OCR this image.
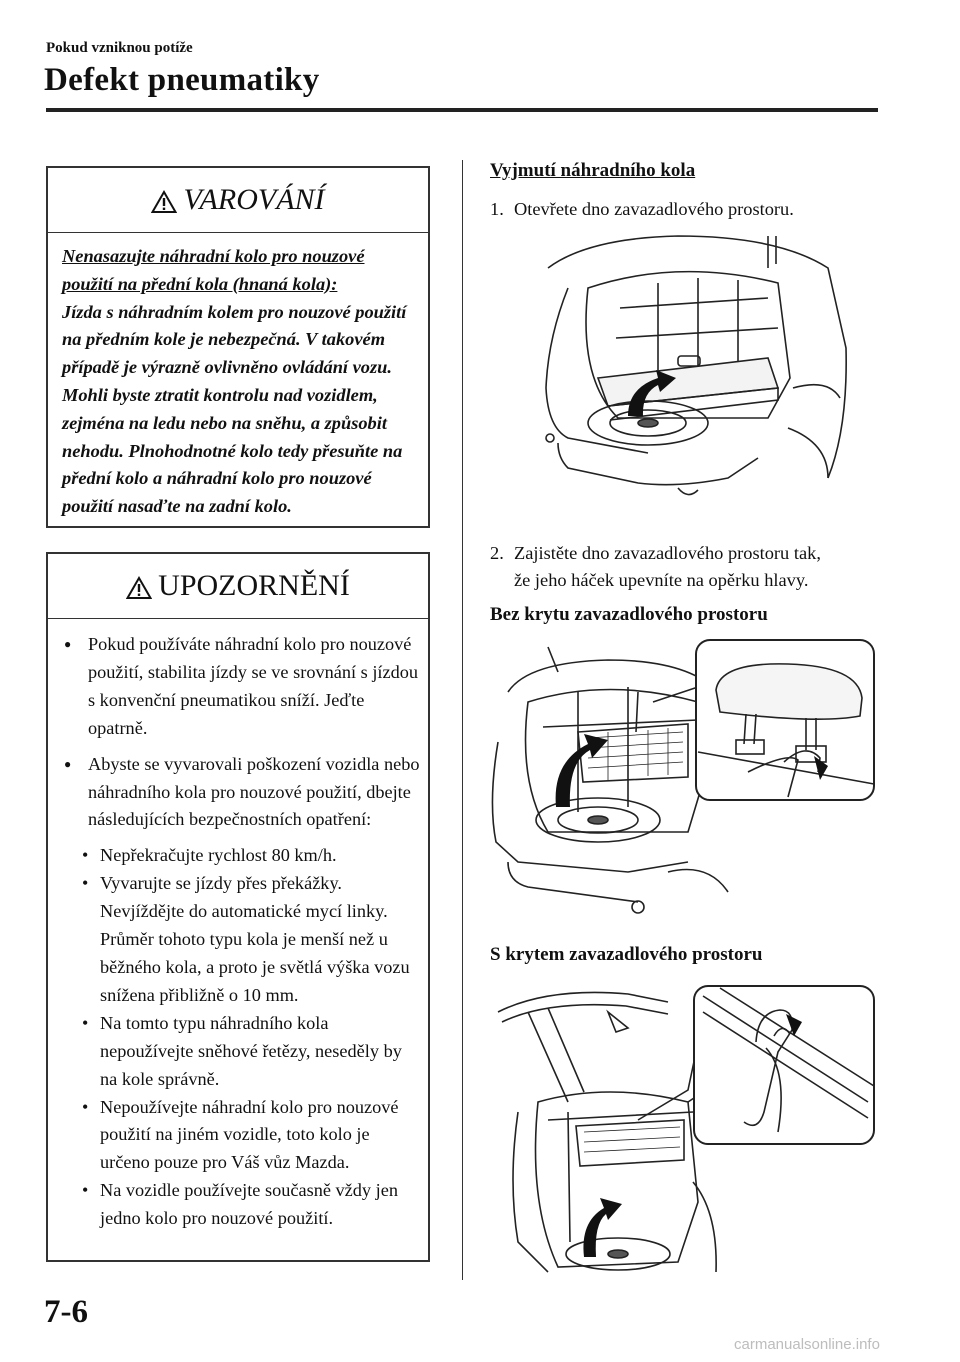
Pokud vzniknou potíže
Defekt pneumatiky
VAROVÁNÍ

Nenasazujte náhradní kolo pro nouzové použití na přední kola (hnaná kola):

Jízda s náhradním kolem pro nouzové použití na předním kole je nebezpečná. V takovém případě je výrazně ovlivněno ovládání vozu. Mohli byste ztratit kontrolu nad vozidlem, zejména na ledu nebo na sněhu, a způsobit nehodu. Plnohodnotné kolo tedy přesuňte na přední kolo a náhradní kolo pro nouzové použití nasaďte na zadní kolo.

UPOZORNĚNÍ
● Pokud používáte náhradní kolo pro nouzové použití, stabilita jízdy se ve srovnání s jízdou s konvenční pneumatikou sníží. Jeďte opatrně.
● Abyste se vyvarovali poškození vozidla nebo náhradního kola pro nouzové použití, dbejte následujících bezpečnostních opatření:
• Nepřekračujte rychlost 80 km/h.
• Vyvarujte se jízdy přes překážky. Nevjíždějte do automatické mycí linky. Průměr tohoto typu kola je menší než u běžného kola, a proto je světlá výška vozu snížena přibližně o 10 mm.
• Na tomto typu náhradního kola nepoužívejte sněhové řetězy, neseděly by na kole správně.
• Nepoužívejte náhradní kolo pro nouzové použití na jiném vozidle, toto kolo je určeno pouze pro Váš vůz Mazda.
• Na vozidle používejte současně vždy jen jedno kolo pro nouzové použití.
Vyjmutí náhradního kola
1. Otevřete dno zavazadlového prostoru.
2. Zajistěte dno zavazadlového prostoru tak,
že jeho háček upevníte na opěrku hlavy.
Bez krytu zavazadlového prostoru
S krytem zavazadlového prostoru
7-6
carmanualsonline.info
